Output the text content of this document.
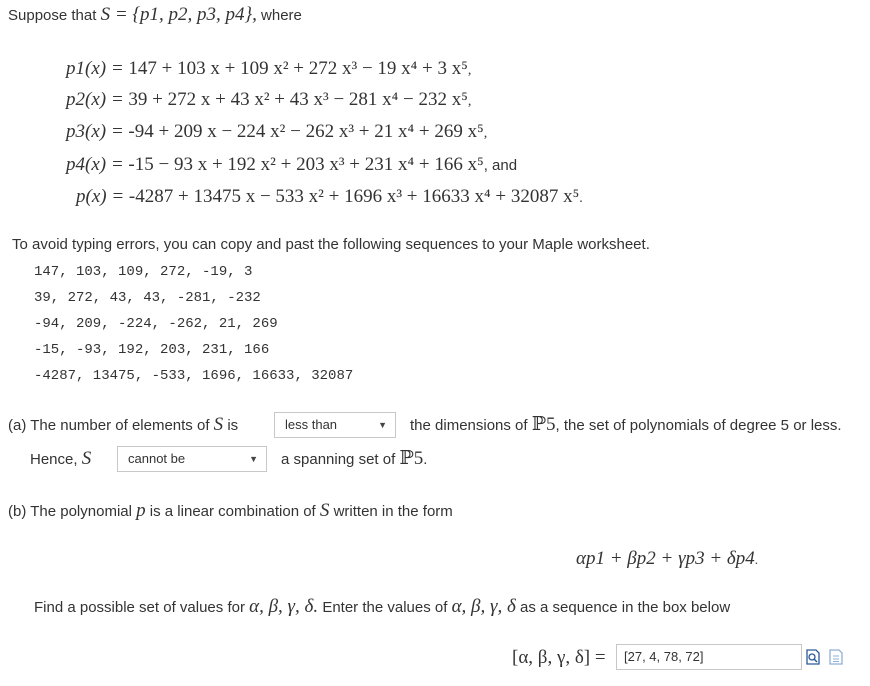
Suppose that S = {p1, p2, p3, p4}, where
p1(x) = 147 + 103 x + 109 x² + 272 x³ − 19 x⁴ + 3 x⁵,
p2(x) = 39 + 272 x + 43 x² + 43 x³ − 281 x⁴ − 232 x⁵,
p3(x) = -94 + 209 x − 224 x² − 262 x³ + 21 x⁴ + 269 x⁵,
p4(x) = -15 − 93 x + 192 x² + 203 x³ + 231 x⁴ + 166 x⁵, and
p(x) = -4287 + 13475 x − 533 x² + 1696 x³ + 16633 x⁴ + 32087 x⁵.
To avoid typing errors, you can copy and past the following sequences to your Maple worksheet.
147, 103, 109, 272, -19, 3
39, 272, 43, 43, -281, -232
-94, 209, -224, -262, 21, 269
-15, -93, 192, 203, 231, 166
-4287, 13475, -533, 1696, 16633, 32087
(a) The number of elements of S is	less than	▼ the dimensions of ℙ5, the set of polynomials of degree 5 or less.
Hence, S	cannot be	▼ a spanning set of ℙ5.
(b) The polynomial p is a linear combination of S written in the form
αp1 + βp2 + γp3 + δp4.
Find a possible set of values for α, β, γ, δ. Enter the values of α, β, γ, δ as a sequence in the box below
[α, β, γ, δ] =	[27, 4, 78, 72]
